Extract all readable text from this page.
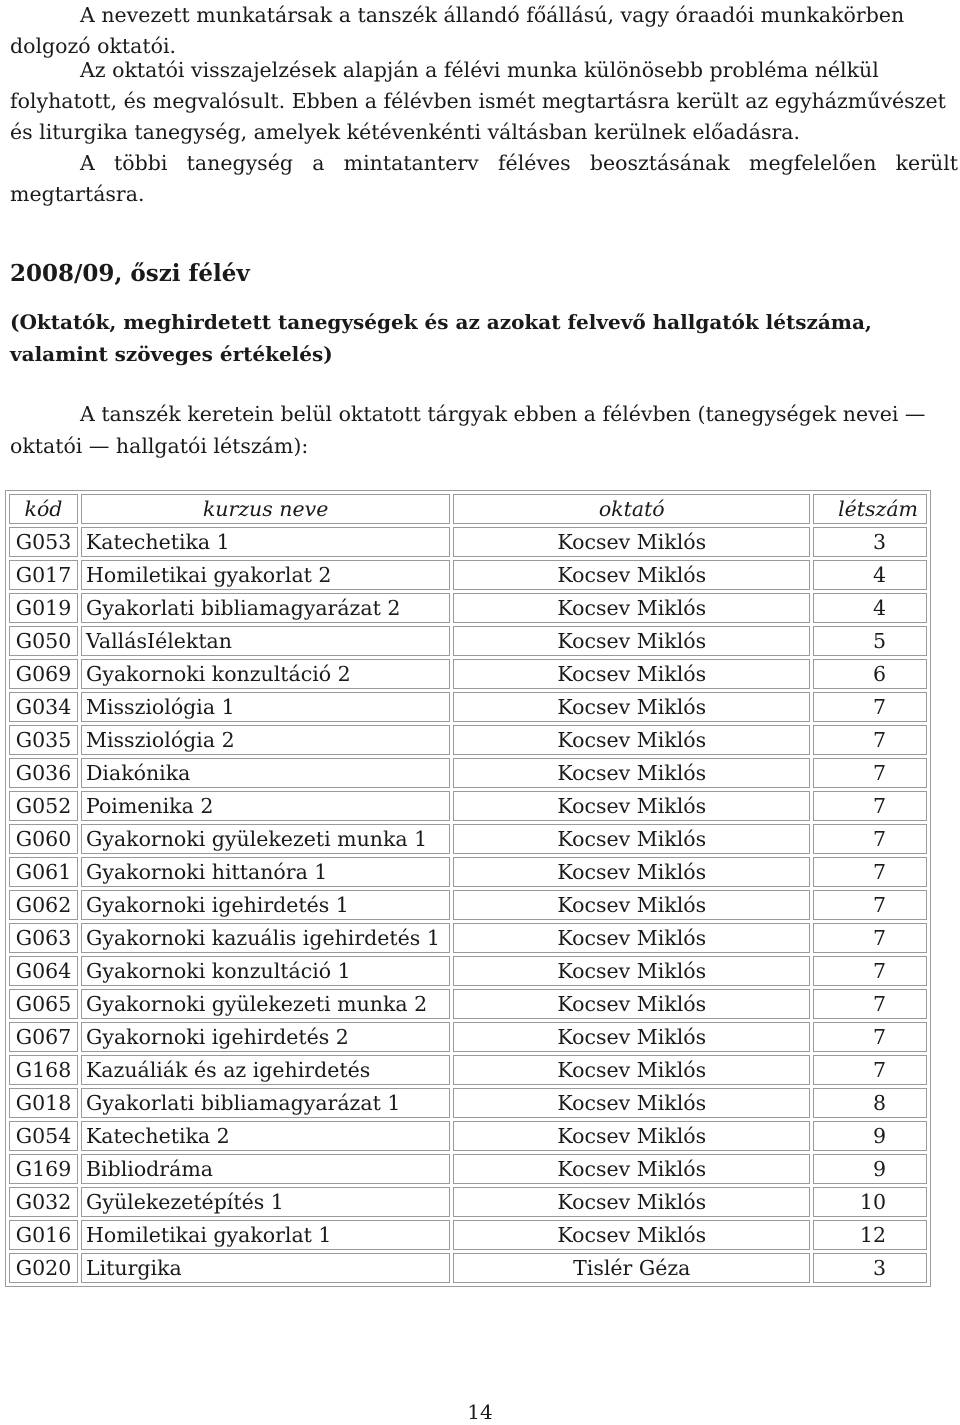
A nevezett munkatársak a tanszék állandó főállású, vagy óraadói munkakörben
dolgozó oktatói.
Az oktatói visszajelzések alapján a félévi munka különösebb probléma nélkül
folyhatott, és megvalósult. Ebben a félévben ismét megtartásra került az egyházművészet
és liturgika tanegység, amelyek kétévenkénti váltásban kerülnek előadásra.
A többi tanegység a mintatanterv féléves beosztásának megfelelően került
megtartásra.
2008/09, őszi félév

(Oktatók, meghirdetett tanegységek és az azokat felvevő hallgatók létszáma, valamint szöveges értékelés)

A tanszék keretein belül oktatott tárgyak ebben a félévben (tanegységek nevei — oktatói — hallgatói létszám):

kód	kurzus neve	oktató	létszám
G053	Katechetika 1	Kocsev Miklós	3
G017	Homiletikai gyakorlat 2	Kocsev Miklós	4
G019	Gyakorlati bibliamagyarázat 2	Kocsev Miklós	4
G050	VallásIélektan	Kocsev Miklós	5
G069	Gyakornoki konzultáció 2	Kocsev Miklós	6
G034	Missziológia 1	Kocsev Miklós	7
G035	Missziológia 2	Kocsev Miklós	7
G036	Diakónika	Kocsev Miklós	7
G052	Poimenika 2	Kocsev Miklós	7
G060	Gyakornoki gyülekezeti munka 1	Kocsev Miklós	7
G061	Gyakornoki hittanóra 1	Kocsev Miklós	7
G062	Gyakornoki igehirdetés 1	Kocsev Miklós	7
G063	Gyakornoki kazuális igehirdetés 1	Kocsev Miklós	7
G064	Gyakornoki konzultáció 1	Kocsev Miklós	7
G065	Gyakornoki gyülekezeti munka 2	Kocsev Miklós	7
G067	Gyakornoki igehirdetés 2	Kocsev Miklós	7
G168	Kazuáliák és az igehirdetés	Kocsev Miklós	7
G018	Gyakorlati bibliamagyarázat 1	Kocsev Miklós	8
G054	Katechetika 2	Kocsev Miklós	9
G169	Bibliodráma	Kocsev Miklós	9
G032	Gyülekezetépítés 1	Kocsev Miklós	10
G016	Homiletikai gyakorlat 1	Kocsev Miklós	12
G020	Liturgika	Tislér Géza	3
14
